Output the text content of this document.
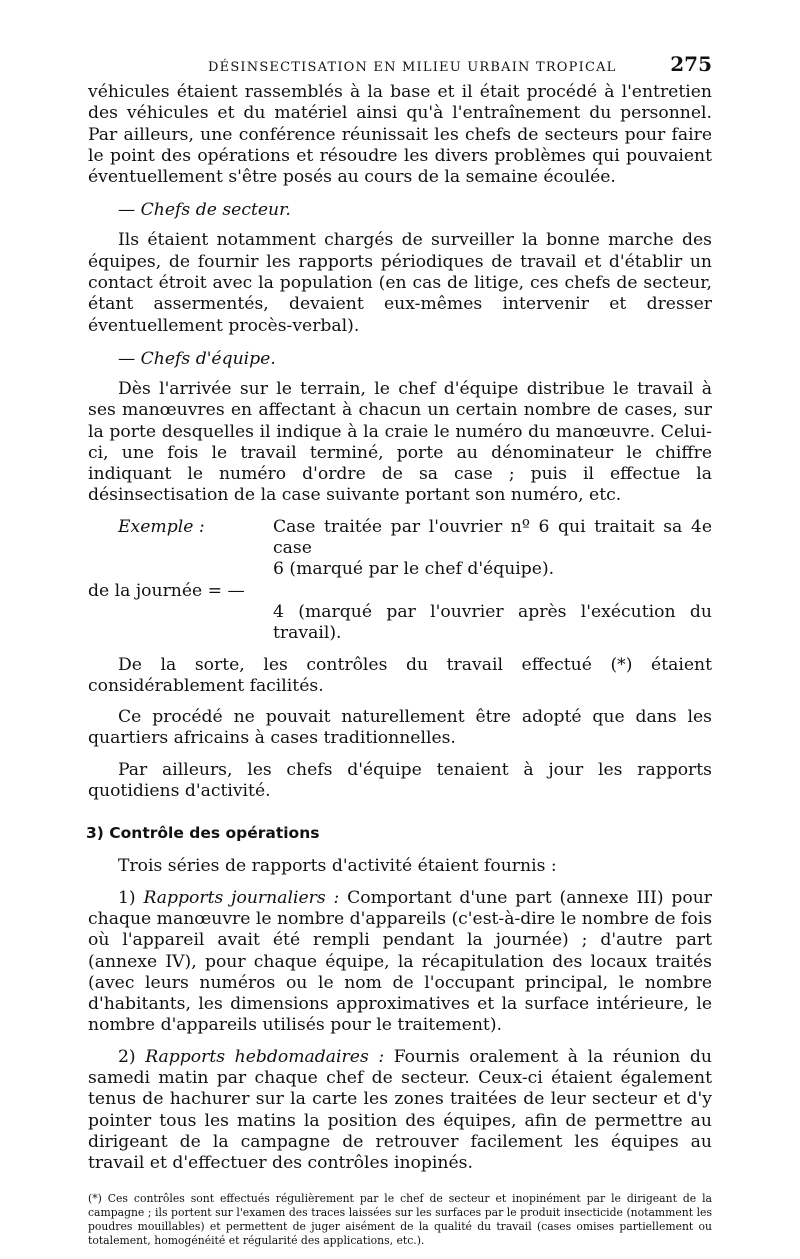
DÉSINSECTISATION EN MILIEU URBAIN TROPICAL	275

véhicules étaient rassemblés à la base et il était procédé à l'entretien des véhicules et du matériel ainsi qu'à l'entraînement du personnel. Par ailleurs, une conférence réunissait les chefs de secteurs pour faire le point des opérations et résoudre les divers problèmes qui pouvaient éventuellement s'être posés au cours de la semaine écoulée.

— Chefs de secteur.

Ils étaient notamment chargés de surveiller la bonne marche des équipes, de fournir les rapports périodiques de travail et d'établir un contact étroit avec la population (en cas de litige, ces chefs de secteur, étant assermentés, devaient eux-mêmes intervenir et dresser éventuellement procès-verbal).

— Chefs d'équipe.

Dès l'arrivée sur le terrain, le chef d'équipe distribue le travail à ses manœuvres en affectant à chacun un certain nombre de cases, sur la porte desquelles il indique à la craie le numéro du manœuvre. Celui-ci, une fois le travail terminé, porte au dénominateur le chiffre indiquant le numéro d'ordre de sa case ; puis il effectue la désinsectisation de la case suivante portant son numéro, etc.

Exemple :	Case traitée par l'ouvrier nº 6 qui traitait sa 4e case
6 (marqué par le chef d'équipe).
de la journée = —
4 (marqué par l'ouvrier après l'exécution du travail).

De la sorte, les contrôles du travail effectué (*) étaient considérablement facilités.

Ce procédé ne pouvait naturellement être adopté que dans les quartiers africains à cases traditionnelles.

Par ailleurs, les chefs d'équipe tenaient à jour les rapports quotidiens d'activité.

3) Contrôle des opérations

Trois séries de rapports d'activité étaient fournis :

1) Rapports journaliers : Comportant d'une part (annexe III) pour chaque manœuvre le nombre d'appareils (c'est-à-dire le nombre de fois où l'appareil avait été rempli pendant la journée) ; d'autre part (annexe IV), pour chaque équipe, la récapitulation des locaux traités (avec leurs numéros ou le nom de l'occupant principal, le nombre d'habitants, les dimensions approximatives et la surface intérieure, le nombre d'appareils utilisés pour le traitement).

2) Rapports hebdomadaires : Fournis oralement à la réunion du samedi matin par chaque chef de secteur. Ceux-ci étaient également tenus de hachurer sur la carte les zones traitées de leur secteur et d'y pointer tous les matins la position des équipes, afin de permettre au dirigeant de la campagne de retrouver facilement les équipes au travail et d'effectuer des contrôles inopinés.

(*) Ces contrôles sont effectués régulièrement par le chef de secteur et inopinément par le dirigeant de la campagne ; ils portent sur l'examen des traces laissées sur les surfaces par le produit insecticide (notamment les poudres mouillables) et permettent de juger aisément de la qualité du travail (cases omises partiellement ou totalement, homogénéité et régularité des applications, etc.).
